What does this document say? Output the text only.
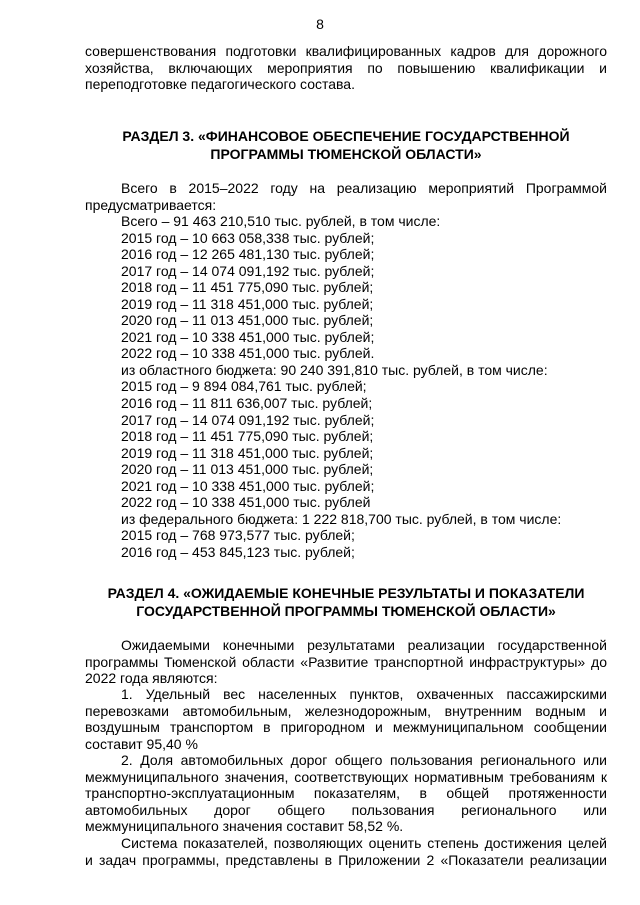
8
совершенствования подготовки квалифицированных кадров для дорожного
хозяйства, включающих мероприятия по повышению квалификации и
переподготовке педагогического состава.
РАЗДЕЛ 3. «ФИНАНСОВОЕ ОБЕСПЕЧЕНИЕ ГОСУДАРСТВЕННОЙ
ПРОГРАММЫ ТЮМЕНСКОЙ ОБЛАСТИ»
Всего в 2015–2022 году на реализацию мероприятий Программой
предусматривается:
Всего – 91 463 210,510 тыс. рублей, в том числе:
2015 год – 10 663 058,338 тыс. рублей;
2016 год – 12 265 481,130 тыс. рублей;
2017 год – 14 074 091,192 тыс. рублей;
2018 год – 11 451 775,090 тыс. рублей;
2019 год – 11 318 451,000 тыс. рублей;
2020 год – 11 013 451,000 тыс. рублей;
2021 год – 10 338 451,000 тыс. рублей;
2022 год – 10 338 451,000 тыс. рублей.
из областного бюджета: 90 240 391,810 тыс. рублей, в том числе:
2015 год – 9 894 084,761 тыс. рублей;
2016 год – 11 811 636,007 тыс. рублей;
2017 год – 14 074 091,192 тыс. рублей;
2018 год – 11 451 775,090 тыс. рублей;
2019 год – 11 318 451,000 тыс. рублей;
2020 год – 11 013 451,000 тыс. рублей;
2021 год – 10 338 451,000 тыс. рублей;
2022 год – 10 338 451,000 тыс. рублей
из федерального бюджета: 1 222 818,700 тыс. рублей, в том числе:
2015 год – 768 973,577 тыс. рублей;
2016 год – 453 845,123 тыс. рублей;
РАЗДЕЛ 4. «ОЖИДАЕМЫЕ КОНЕЧНЫЕ РЕЗУЛЬТАТЫ И ПОКАЗАТЕЛИ
ГОСУДАРСТВЕННОЙ ПРОГРАММЫ ТЮМЕНСКОЙ ОБЛАСТИ»
Ожидаемыми конечными результатами реализации государственной
программы Тюменской области «Развитие транспортной инфраструктуры» до
2022 года являются:
1. Удельный вес населенных пунктов, охваченных пассажирскими
перевозками автомобильным, железнодорожным, внутренним водным и
воздушным транспортом в пригородном и межмуниципальном сообщении
составит 95,40 %
2. Доля автомобильных дорог общего пользования регионального или
межмуниципального значения, соответствующих нормативным требованиям к
транспортно-эксплуатационным показателям, в общей протяженности
автомобильных дорог общего пользования регионального или
межмуниципального значения составит 58,52 %.
Система показателей, позволяющих оценить степень достижения целей
и задач программы, представлены в Приложении 2 «Показатели реализации
